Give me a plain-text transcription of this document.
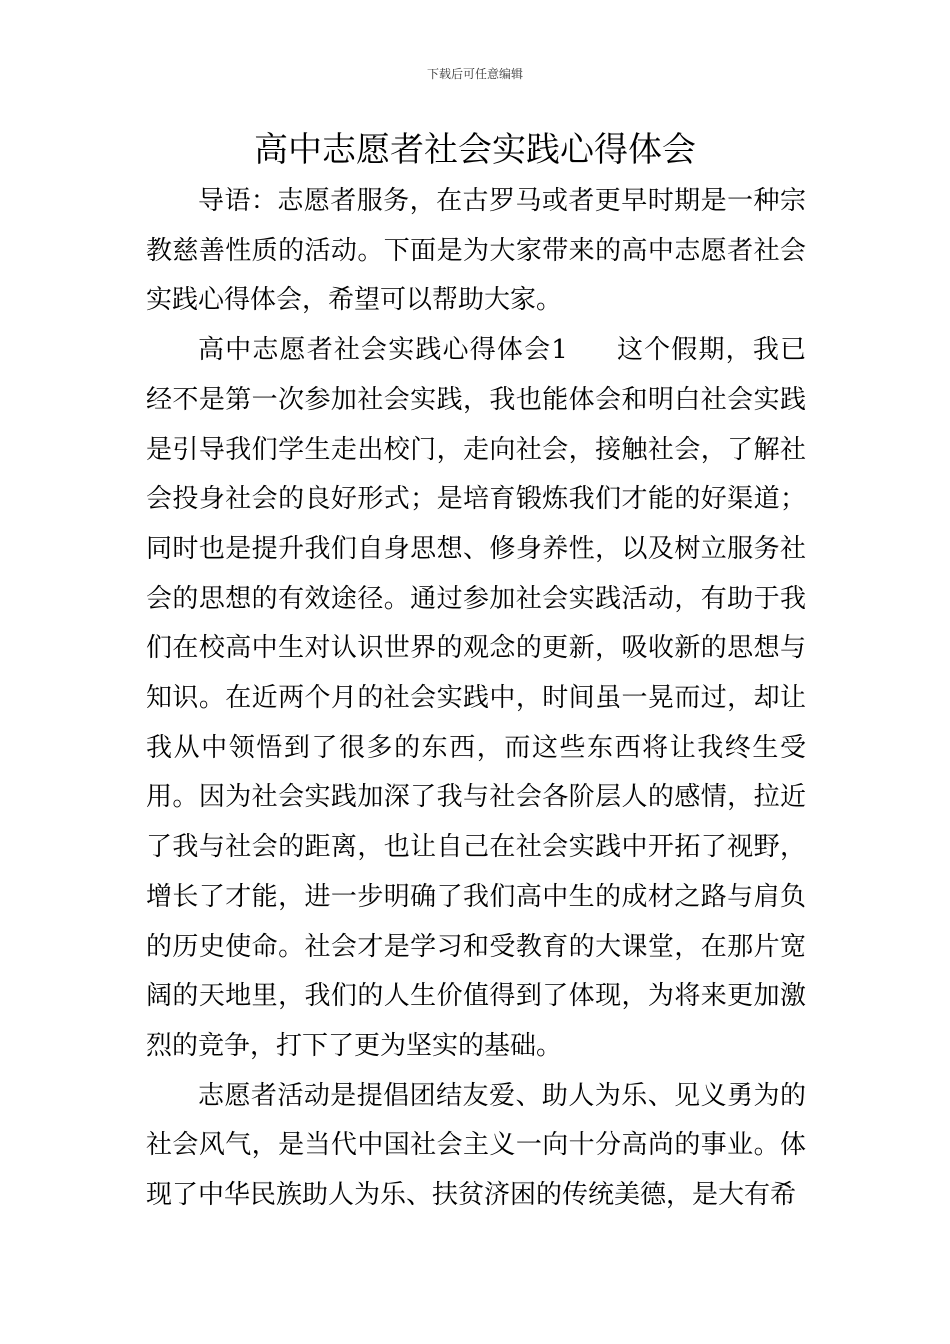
下载后可任意编辑
高中志愿者社会实践心得体会

导语：志愿者服务，在古罗马或者更早时期是一种宗教慈善性质的活动。下面是为大家带来的高中志愿者社会实践心得体会，希望可以帮助大家。

高中志愿者社会实践心得体会1 这个假期，我已经不是第一次参加社会实践，我也能体会和明白社会实践是引导我们学生走出校门，走向社会，接触社会，了解社会投身社会的良好形式；是培育锻炼我们才能的好渠道；同时也是提升我们自身思想、修身养性，以及树立服务社会的思想的有效途径。通过参加社会实践活动，有助于我们在校高中生对认识世界的观念的更新，吸收新的思想与知识。在近两个月的社会实践中，时间虽一晃而过，却让我从中领悟到了很多的东西，而这些东西将让我终生受用。因为社会实践加深了我与社会各阶层人的感情，拉近了我与社会的距离，也让自己在社会实践中开拓了视野，增长了才能，进一步明确了我们高中生的成材之路与肩负的历史使命。社会才是学习和受教育的大课堂，在那片宽阔的天地里，我们的人生价值得到了体现，为将来更加激烈的竞争，打下了更为坚实的基础。

志愿者活动是提倡团结友爱、助人为乐、见义勇为的社会风气，是当代中国社会主义一向十分高尚的事业。体现了中华民族助人为乐、扶贫济困的传统美德，是大有希
